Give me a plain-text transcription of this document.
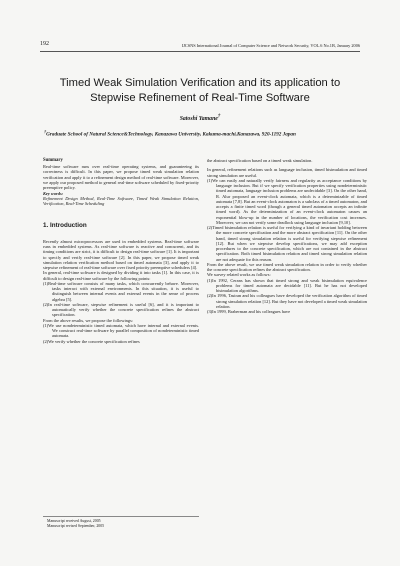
192	IJCSNS International Journal of Computer Science and Network Security, VOL.6 No.1B, January 2006
Timed Weak Simulation Verification and its application to
Stepwise Refinement of Real-Time Software
Satoshi Yamane†
†Graduate School of Natural Science&Technology, Kanazawa University, Kakuma-machi,Kanazawa, 920-1192 Japan
Summary

Real-time software runs over real-time operating systems, and guaranteeing its correctness is difficult. In this paper, we propose timed weak simulation relation verification and apply it to a refinement design method of real-time software. Moreover, we apply our proposed method to general real-time software scheduled by fixed-priority preemptive policy.

Key words:

Refinement Design Method, Real-Time Software, Timed Weak Simulation Relation, Verification, Real-Time Scheduling

1. Introduction

Recently almost microprocessors are used in embedded systems. Real-time software runs in embedded systems. As real-time software is reactive and concurrent, and its timing conditions are strict, it is difficult to design real-time software [1]. It is important to specify and verify real-time software [2]. In this paper, we propose timed weak simulation relation verification method based on timed automata [3], and apply it to stepwise refinement of real-time software over fixed priority preemptive schedulers [4].

In general, real-time software is designed by dividing it into tasks [1]. In this case, it is difficult to design real-time software by the following points:

(1)Real-time software consists of many tasks, which concurrently behave. Moreover, tasks interact with external environments. In this situation, it is useful to distinguish between internal events and external events in the sense of process algebra [5].

(2)In real-time software, stepwise refinement is useful [6], and it is important to automatically verify whether the concrete specification refines the abstract specification.

From the above results, we propose the followings:

(1)We use nondeterministic timed automata, which have internal and external events. We construct real-time software by parallel composition of nondeterministic timed automata.

(2)We verify whether the concrete specification refines

Manuscript received August, 2005

Manuscript revised September, 2005

the abstract specification based on a timed weak simulation.

In general, refinement relations such as language inclusion, timed bisimulation and timed strong simulation are useful.

(1)We can easily and naturally verify fairness and regularity as acceptance conditions by language inclusion. But if we specify verification properties using nondeterministic timed automata, language inclusion problems are undecidable [3]. On the other hand, R. Alur proposed an event-clock automata, which is a determinizable of timed automata [7,8]. But an event-clock automaton is a subclass of a timed automaton, and accepts a finite timed word (though a general timed automaton accepts an infinite timed word). As the determinization of an event-clock automaton causes an exponential blow-up in the number of locations, the verification cost increases. Moreover, we can not verify some deadlock using language inclusion [9,10].

(2)Timed bisimulation relation is useful for verifying a kind of invariant holding between the more concrete specification and the more abstract specification [11]. On the other hand, timed strong simulation relation is useful for verifying stepwise refinement [12]. But when we stepwise develop specifications, we may add exception procedures to the concrete specification, which are not contained in the abstract specification. Both timed bisimulation relation and timed strong simulation relation are not adequate for this reason.

From the above result, we use timed weak simulation relation in order to verify whether the concrete specification refines the abstract specification.

We survey related works as follows:

(1)In 1992, Cerans has shown that timed strong and weak bisimulation equivalence problems for timed automata are decidable [11]. But he has not developed bisimulation algorithms.

(2)In 1996, Tasiran and his colleagues have developed the verification algorithm of timed strong simulation relation [12]. But they have not developed a timed weak simulation relation.

(3)In 1999, Braberman and his colleagues have
